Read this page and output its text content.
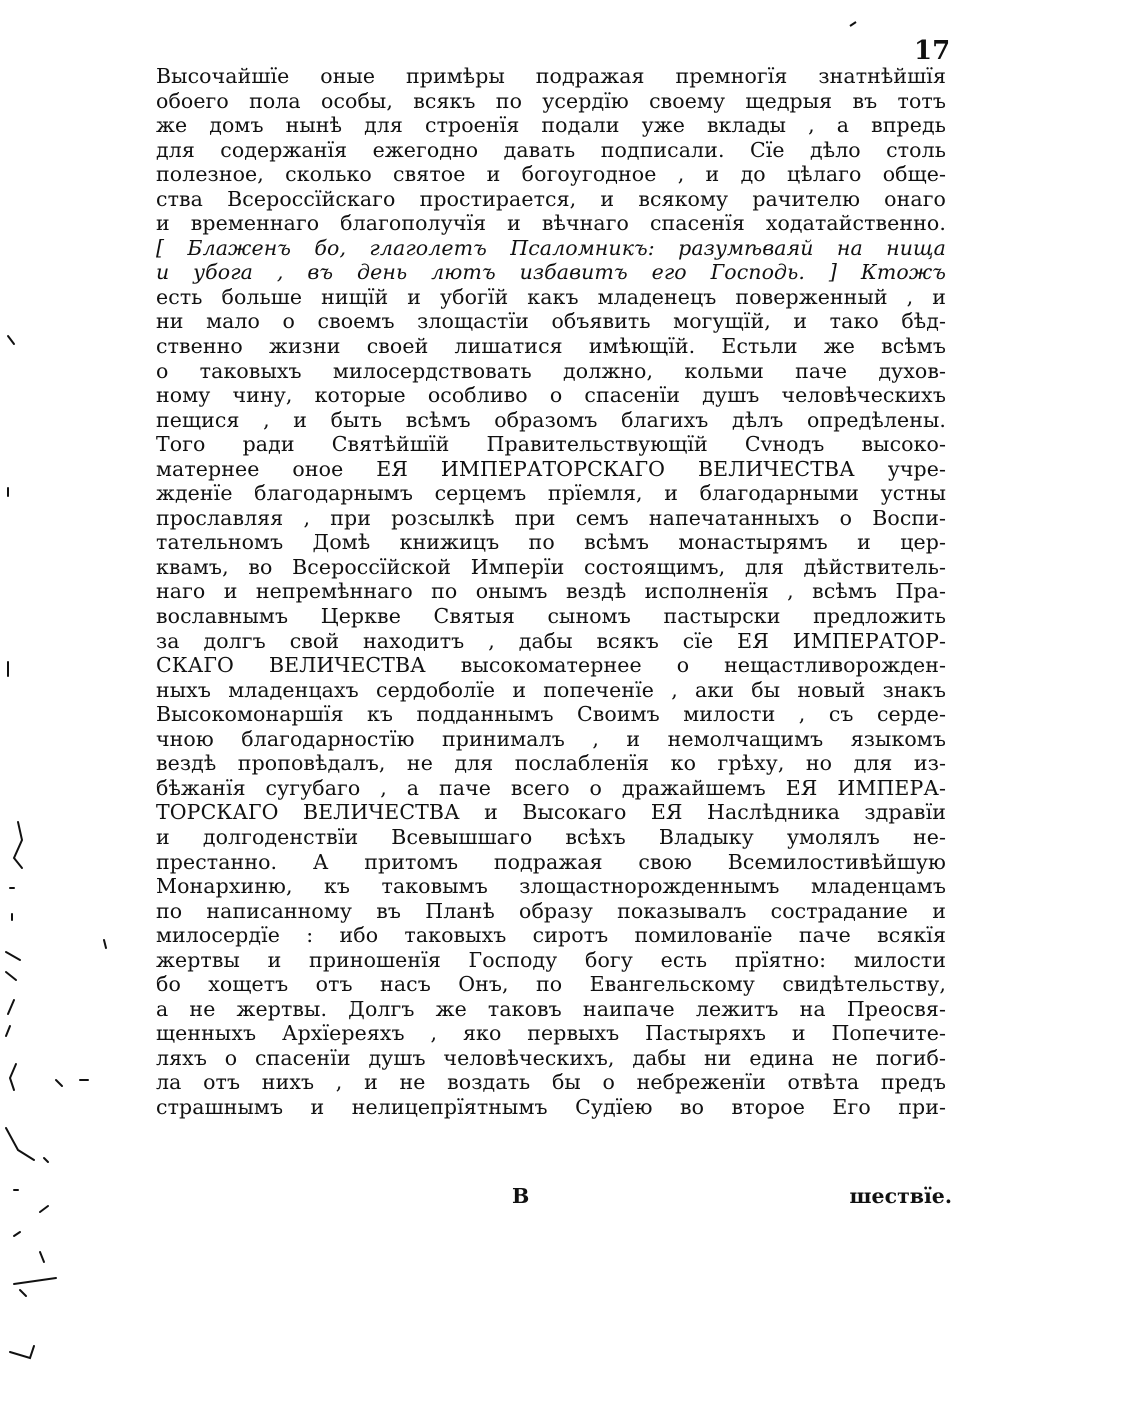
17
Высочайшïе оные примѣры подражая премногïя знатнѣйшïя
обоего пола особы, всякъ по усердïю своему щедрыя въ тотъ
же домъ нынѣ для строенïя подали уже вклады , а впредь
для содержанïя ежегодно давать подписали. Сïе дѣло столь
полезное, сколько святое и богоугодное , и до цѣлаго обще-
ства Всероссïйскаго простирается, и всякому рачителю онаго
и временнаго благополучïя и вѣчнаго спасенïя ходатайственно.
[ Блаженъ бо, глаголетъ Псаломникъ: разумѣваяй на нища
и убога , въ день лютъ избавитъ его Господь. ] Ктожъ
есть больше нищïй и убогïй какъ младенецъ поверженный , и
ни мало о своемъ злощастïи объявить могущïй, и тако бѣд-
ственно жизни своей лишатися имѣющïй. Естьли же всѣмъ
о таковыхъ милосердствовать должно, кольми паче духов-
ному чину, которые особливо о спасенïи душъ человѣческихъ
пещися , и быть всѣмъ образомъ благихъ дѣлъ опредѣлены.
Того ради Святѣйшïй Правительствующïй Сvнодъ высоко-
матернее оное ЕЯ ИМПЕРАТОРСКАГО ВЕЛИЧЕСТВА учре-
жденïе благодарнымъ серцемъ прïемля, и благодарными устны
прославляя , при розсылкѣ при семъ напечатанныхъ о Воспи-
тательномъ Домѣ книжицъ по всѣмъ монастырямъ и цер-
квамъ, во Всероссïйской Имперïи состоящимъ, для дѣйствитель-
наго и непремѣннаго по онымъ вездѣ исполненïя , всѣмъ Пра-
вославнымъ Церкве Святыя сыномъ пастырски предложить
за долгъ свой находитъ , дабы всякъ сïе ЕЯ ИМПЕРАТОР-
СКАГО ВЕЛИЧЕСТВА высокоматернее о нещастливорожден-
ныхъ младенцахъ сердоболïе и попеченïе , аки бы новый знакъ
Высокомонаршïя къ подданнымъ Своимъ милости , съ серде-
чною благодарностïю принималъ , и немолчащимъ языкомъ
вездѣ проповѣдалъ, не для послабленïя ко грѣху, но для из-
бѣжанïя сугубаго , а паче всего о дражайшемъ ЕЯ ИМПЕРА-
ТОРСКАГО ВЕЛИЧЕСТВА и Высокаго ЕЯ Наслѣдника здравïи
и долгоденствïи Всевышшаго всѣхъ Владыку умолялъ не-
престанно. А притомъ подражая свою Всемилостивѣйшую
Монархиню, къ таковымъ злощастнорожденнымъ младенцамъ
по написанному въ Планѣ образу показывалъ сострадание и
милосердïе : ибо таковыхъ сиротъ помилованïе паче всякïя
жертвы и приношенïя Господу богу есть прïятно: милости
бо хощетъ отъ насъ Онъ, по Евангельскому свидѣтельству,
а не жертвы. Долгъ же таковъ наипаче лежитъ на Преосвя-
щенныхъ Архïереяхъ , яко первыхъ Пастыряхъ и Попечите-
ляхъ о спасенïи душъ человѣческихъ, дабы ни едина не погиб-
ла отъ нихъ , и не воздать бы о небреженïи отвѣта предъ
страшнымъ и нелицепрïятнымъ Судïею во второе Его при-
В	шествïе.
